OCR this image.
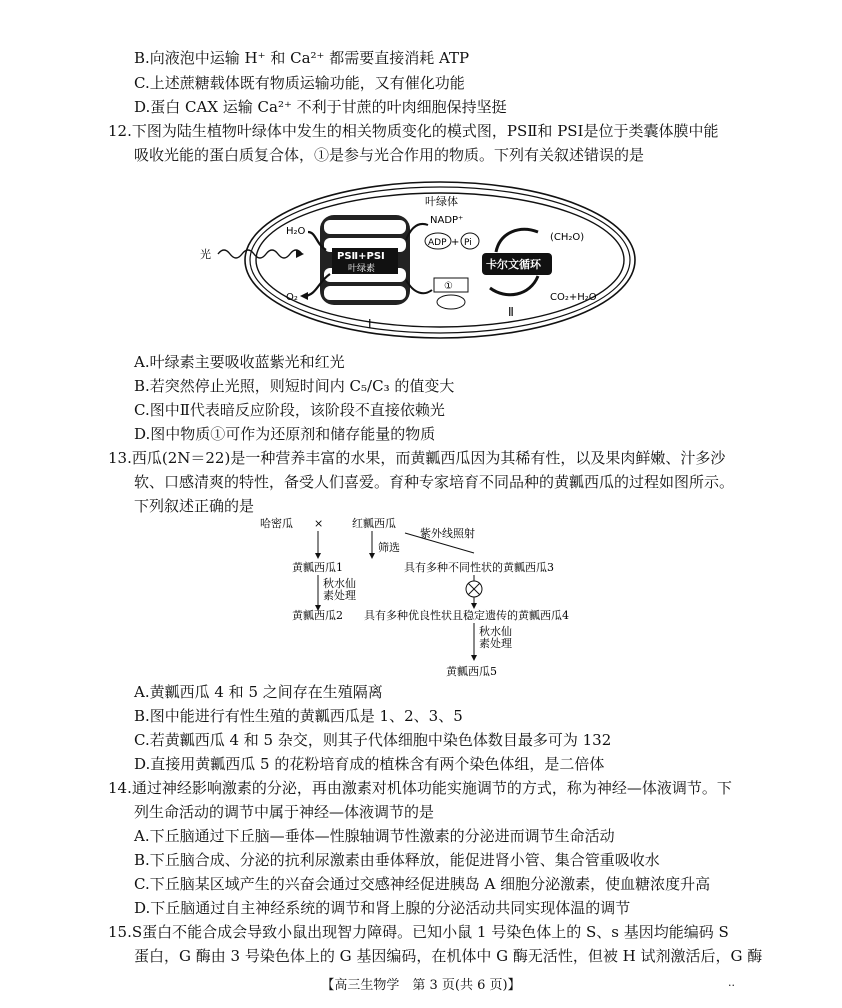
B.向液泡中运输 H⁺ 和 Ca²⁺ 都需要直接消耗 ATP
C.上述蔗糖载体既有物质运输功能，又有催化功能
D.蛋白 CAX 运输 Ca²⁺ 不利于甘蔗的叶肉细胞保持坚挺
12.下图为陆生植物叶绿体中发生的相关物质变化的模式图，PSⅡ和 PSⅠ是位于类囊体膜中能
吸收光能的蛋白质复合体，①是参与光合作用的物质。下列有关叙述错误的是
叶绿体
光	PSⅡ+PSⅠ
叶绿素
H₂O
O₂
NADP⁺
ADP + Pi
①
卡尔文循环
(CH₂O)
CO₂+H₂O
Ⅰ
Ⅱ
A.叶绿素主要吸收蓝紫光和红光
B.若突然停止光照，则短时间内 C₅/C₃ 的值变大
C.图中Ⅱ代表暗反应阶段，该阶段不直接依赖光
D.图中物质①可作为还原剂和储存能量的物质
13.西瓜(2N＝22)是一种营养丰富的水果，而黄瓤西瓜因为其稀有性，以及果肉鲜嫩、汁多沙
软、口感清爽的特性，备受人们喜爱。育种专家培育不同品种的黄瓤西瓜的过程如图所示。
下列叙述正确的是
哈密瓜 ×	红瓤西瓜
紫外线照射
筛选
黄瓤西瓜1	具有多种不同性状的黄瓤西瓜3
秋水仙
素处理
黄瓤西瓜2 具有多种优良性状且稳定遗传的黄瓤西瓜4
秋水仙
素处理
黄瓤西瓜5
A.黄瓤西瓜 4 和 5 之间存在生殖隔离
B.图中能进行有性生殖的黄瓤西瓜是 1、2、3、5
C.若黄瓤西瓜 4 和 5 杂交，则其子代体细胞中染色体数目最多可为 132
D.直接用黄瓤西瓜 5 的花粉培育成的植株含有两个染色体组，是二倍体
14.通过神经影响激素的分泌，再由激素对机体功能实施调节的方式，称为神经—体液调节。下
列生命活动的调节中属于神经—体液调节的是
A.下丘脑通过下丘脑—垂体—性腺轴调节性激素的分泌进而调节生命活动
B.下丘脑合成、分泌的抗利尿激素由垂体释放，能促进肾小管、集合管重吸收水
C.下丘脑某区域产生的兴奋会通过交感神经促进胰岛 A 细胞分泌激素，使血糖浓度升高
D.下丘脑通过自主神经系统的调节和肾上腺的分泌活动共同实现体温的调节
15.S蛋白不能合成会导致小鼠出现智力障碍。已知小鼠 1 号染色体上的 S、s 基因均能编码 S
蛋白，G 酶由 3 号染色体上的 G 基因编码，在机体中 G 酶无活性，但被 H 试剂激活后，G 酶
【高三生物学　第 3 页(共 6 页)】	··
